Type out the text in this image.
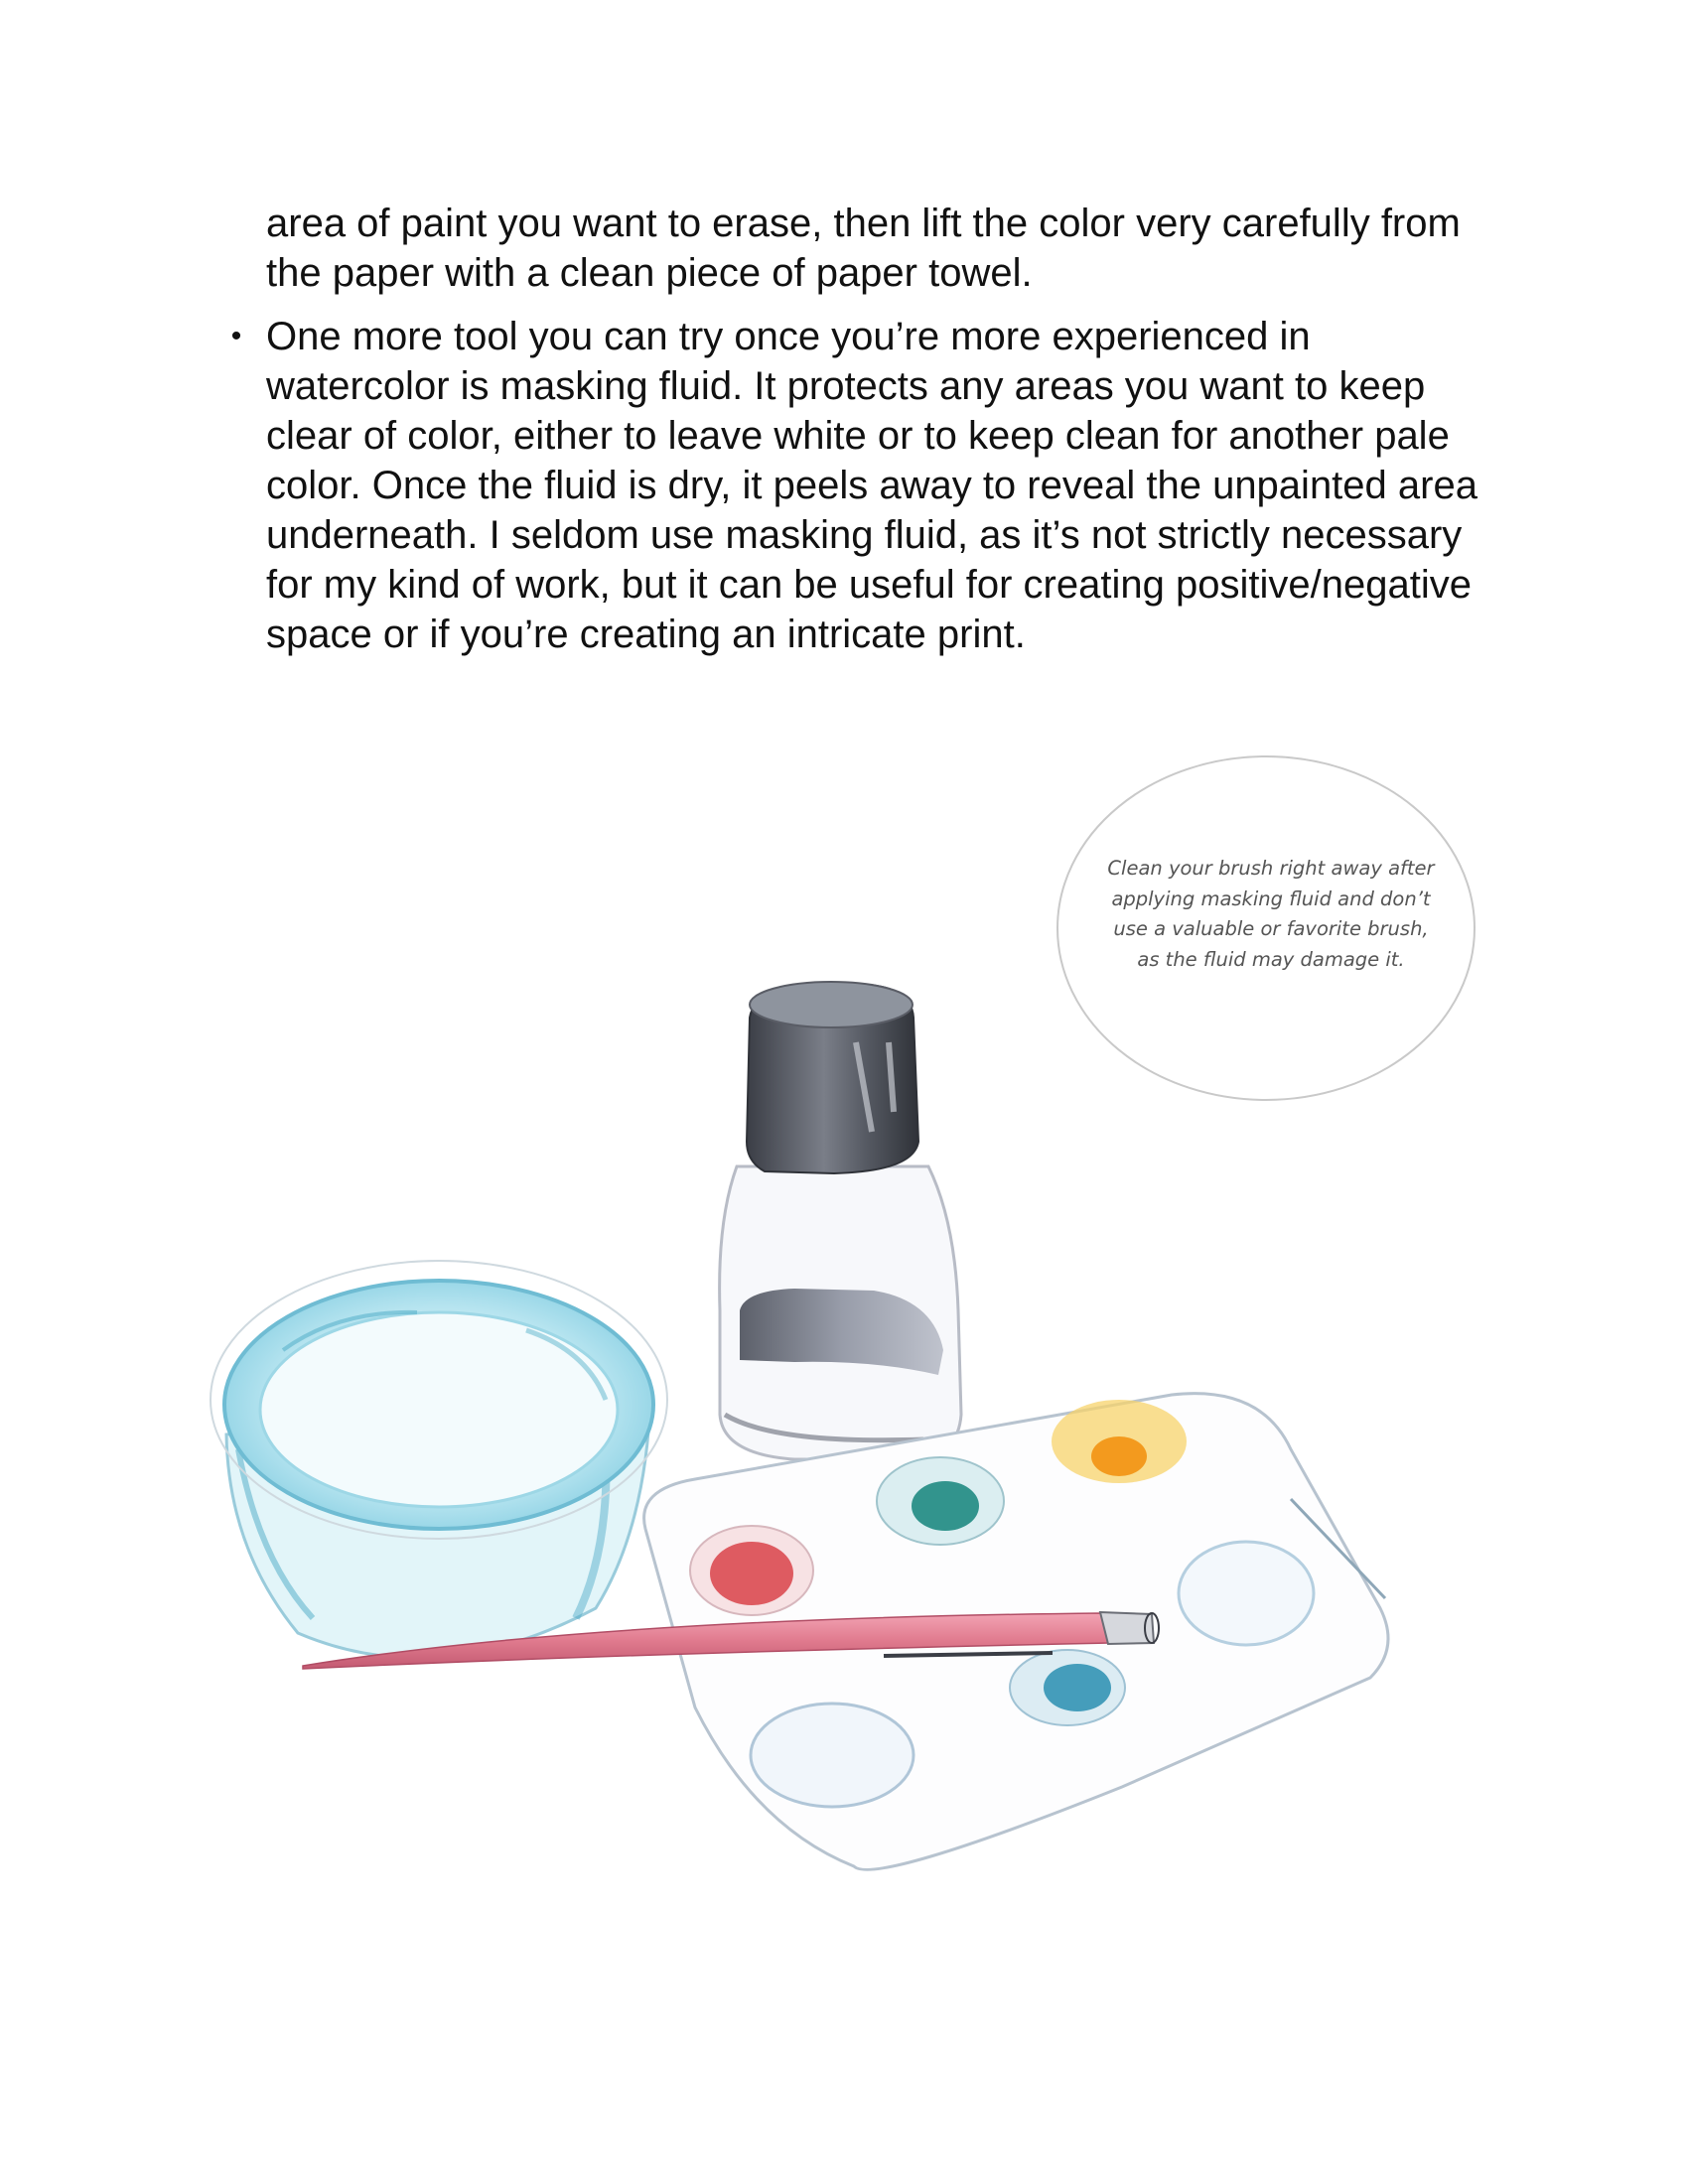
area of paint you want to erase, then lift the color very carefully from the paper with a clean piece of paper towel.

• One more tool you can try once you’re more experienced in watercolor is masking fluid. It protects any areas you want to keep clear of color, either to leave white or to keep clean for another pale color. Once the fluid is dry, it peels away to reveal the unpainted area underneath. I seldom use masking fluid, as it’s not strictly necessary for my kind of work, but it can be useful for creating positive/negative space or if you’re creating an intricate print.
Clean your brush right away after applying masking fluid and don’t use a valuable or favorite brush, as the fluid may damage it.
